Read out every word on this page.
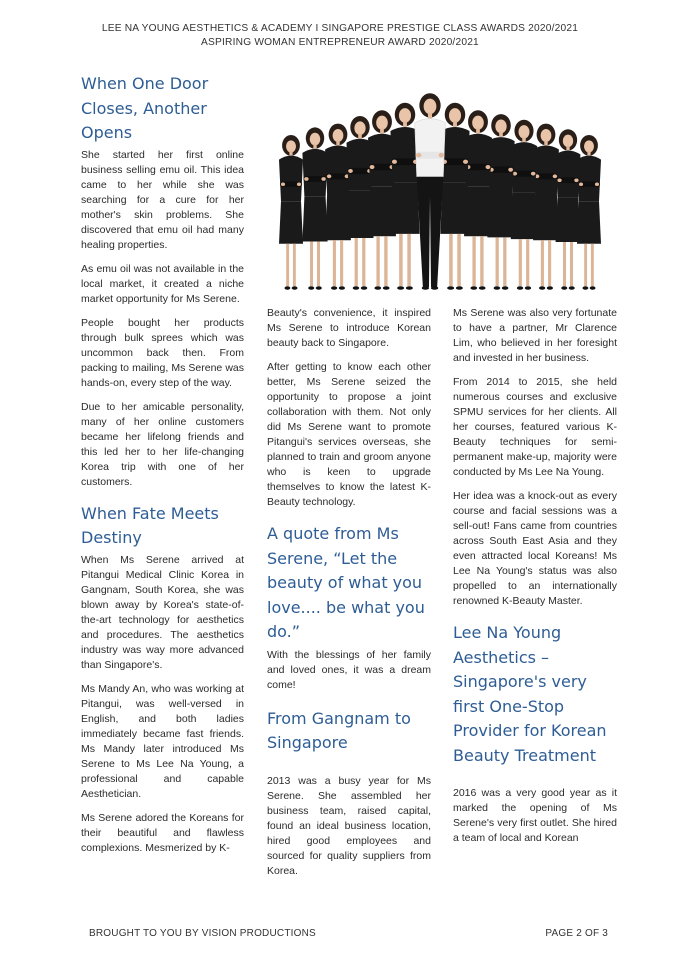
LEE NA YOUNG AESTHETICS & ACADEMY I SINGAPORE PRESTIGE CLASS AWARDS 2020/2021
ASPIRING WOMAN ENTREPRENEUR AWARD 2020/2021
When One Door Closes, Another Opens

She started her first online business selling emu oil. This idea came to her while she was searching for a cure for her mother's skin problems. She discovered that emu oil had many healing properties.

As emu oil was not available in the local market, it created a niche market opportunity for Ms Serene.

People bought her products through bulk sprees which was uncommon back then. From packing to mailing, Ms Serene was hands-on, every step of the way.

Due to her amicable personality, many of her online customers became her lifelong friends and this led her to her life-changing Korea trip with one of her customers.

When Fate Meets Destiny

When Ms Serene arrived at Pitangui Medical Clinic Korea in Gangnam, South Korea, she was blown away by Korea's state-of-the-art technology for aesthetics and procedures. The aesthetics industry was way more advanced than Singapore's.

Ms Mandy An, who was working at Pitangui, was well-versed in English, and both ladies immediately became fast friends. Ms Mandy later introduced Ms Serene to Ms Lee Na Young, a professional and capable Aesthetician.

Ms Serene adored the Koreans for their beautiful and flawless complexions. Mesmerized by K-

Beauty's convenience, it inspired Ms Serene to introduce Korean beauty back to Singapore.

After getting to know each other better, Ms Serene seized the opportunity to propose a joint collaboration with them. Not only did Ms Serene want to promote Pitangui's services overseas, she planned to train and groom anyone who is keen to upgrade themselves to know the latest K-Beauty technology.

A quote from Ms Serene, “Let the beauty of what you love.... be what you do.”

With the blessings of her family and loved ones, it was a dream come!

From Gangnam to Singapore

2013 was a busy year for Ms Serene. She assembled her business team, raised capital, found an ideal business location, hired good employees and sourced for quality suppliers from Korea.

Ms Serene was also very fortunate to have a partner, Mr Clarence Lim, who believed in her foresight and invested in her business.

From 2014 to 2015, she held numerous courses and exclusive SPMU services for her clients. All her courses, featured various K-Beauty techniques for semi-permanent make-up, majority were conducted by Ms Lee Na Young.

Her idea was a knock-out as every course and facial sessions was a sell-out! Fans came from countries across South East Asia and they even attracted local Koreans! Ms Lee Na Young's status was also propelled to an internationally renowned K-Beauty Master.

Lee Na Young Aesthetics – Singapore's very first One-Stop Provider for Korean Beauty Treatment

2016 was a very good year as it marked the opening of Ms Serene's very first outlet. She hired a team of local and Korean

BROUGHT TO YOU BY VISION PRODUCTIONS	PAGE 2 OF 3
